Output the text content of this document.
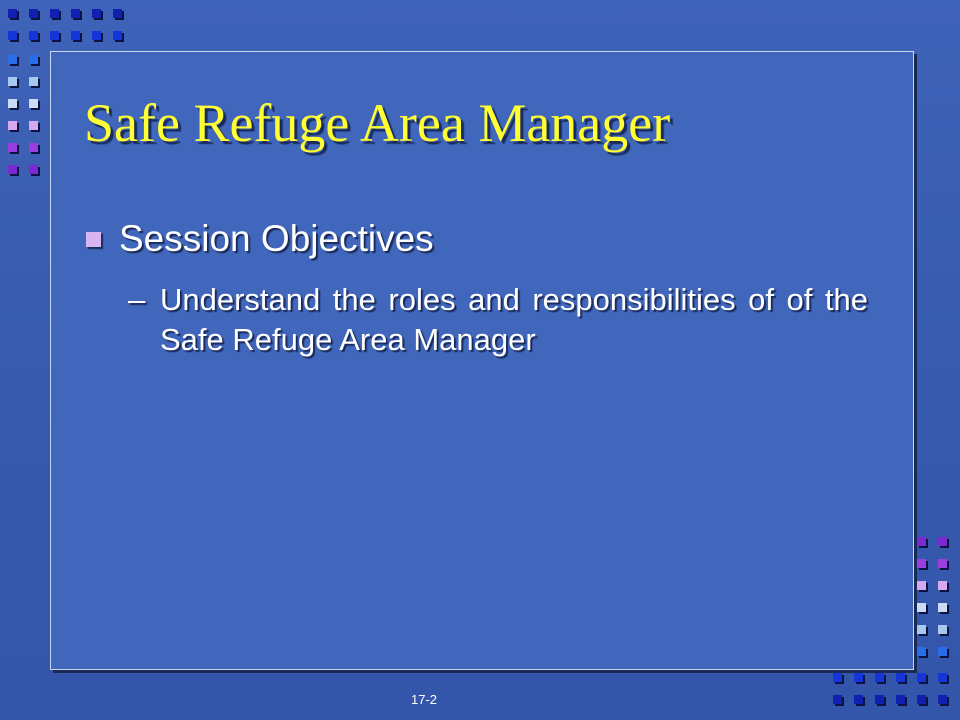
Safe Refuge Area Manager
Session Objectives
– Understand the roles and responsibilities of of the Safe Refuge Area Manager
17-2
